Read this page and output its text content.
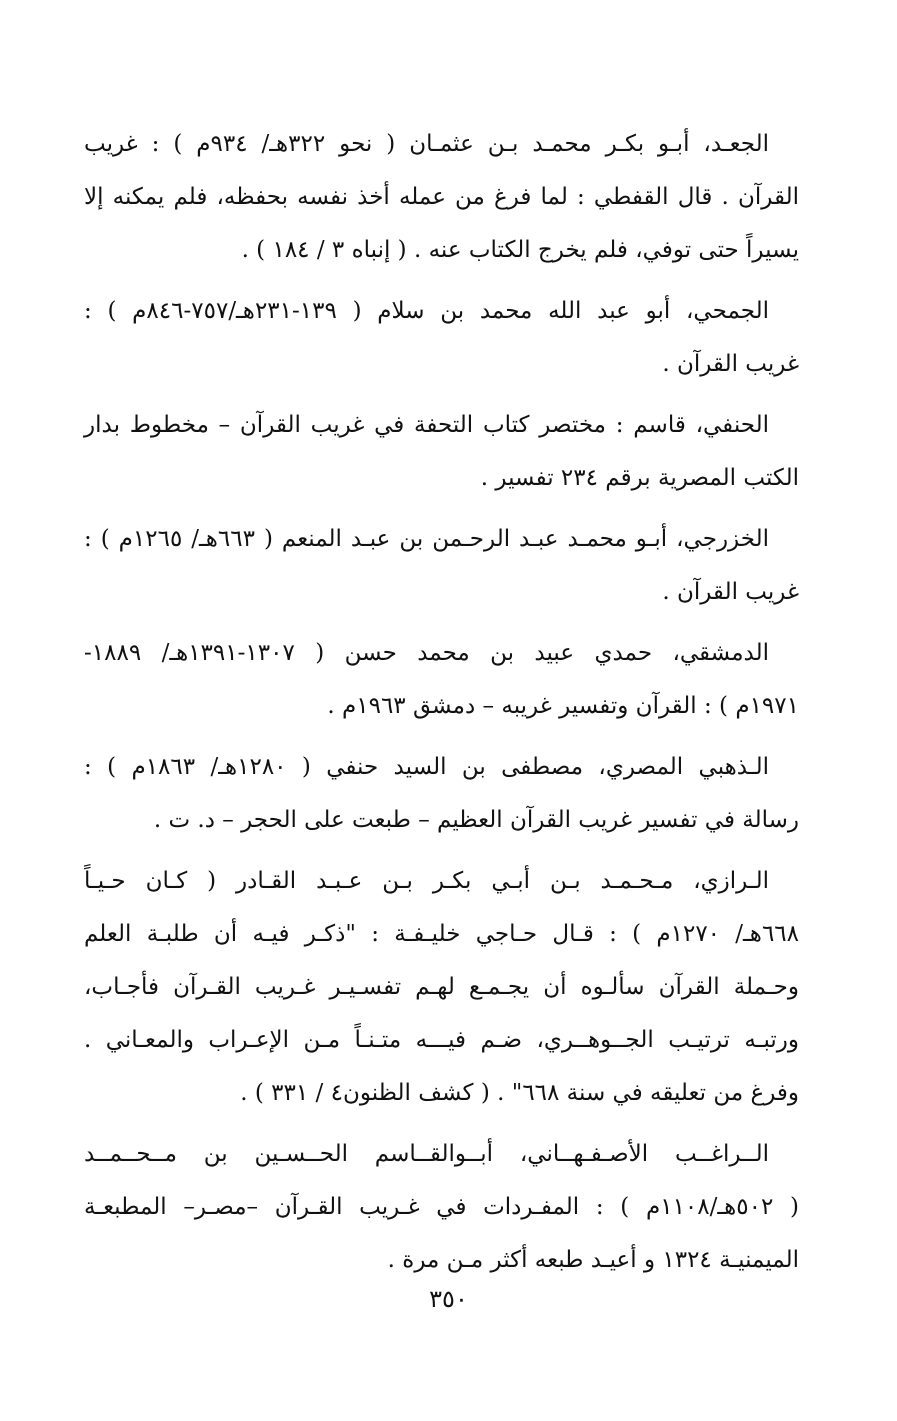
الجعـد، أبـو بكـر محمـد بـن عثمـان ( نحو ٣٢٢هـ/ ٩٣٤م ) : غريب
القرآن . قال القفطي : لما فرغ من عمله أخذ نفسه بحفظه، فلم يمكنه إلا
يسيراً حتى توفي، فلم يخرج الكتاب عنه . ( إنباه ٣ / ١٨٤ ) .
الجمحي، أبو عبد الله محمد بن سلام ( ١٣٩-٢٣١هـ/٧٥٧-٨٤٦م ) :
غريب القرآن .
الحنفي، قاسم : مختصر كتاب التحفة في غريب القرآن – مخطوط بدار
الكتب المصرية برقم ٢٣٤ تفسير .
الخزرجي، أبـو محمـد عبـد الرحـمن بن عبـد المنعم ( ٦٦٣هـ/ ١٢٦٥م ) :
غريب القرآن .
الدمشقي، حمدي عبيد بن محمد حسن ( ١٣٠٧-١٣٩١هـ/ ١٨٨٩-
١٩٧١م ) : القرآن وتفسير غريبه – دمشق ١٩٦٣م .
الـذهبي المصري، مصطفى بن السيد حنفي ( ١٢٨٠هـ/ ١٨٦٣م ) :
رسالة في تفسير غريب القرآن العظيم – طبعت على الحجر – د. ت .
الـرازي، مـحـمـد بـن أبـي بكـر بـن عـبـد القـادر ( كـان حـيـاً
٦٦٨هـ/ ١٢٧٠م ) : قـال حـاجي خليـفـة : "ذكـر فيـه أن طلبـة العلم
وحـملة القرآن سألـوه أن يجـمـع لهـم تفسـيـر غـريب القـرآن فأجـاب،
ورتبـه ترتيـب الجــوهــري، ضـم فيـــه متـنـاً مـن الإعـراب والمعـاني .
وفرغ من تعليقه في سنة ٦٦٨" . ( كشف الظنون٤ / ٣٣١ ) .
الــراغــب الأصـفـهــاني، أبــوالقــاسم الحــسـين بن مــحــمــد
( ٥٠٢هـ/١١٠٨م ) : المفـردات في غـريب القـرآن –مصـر– المطبعـة
الميمنيـة ١٣٢٤ و أعيـد طبعه أكثر مـن مرة .
٣٥٠
